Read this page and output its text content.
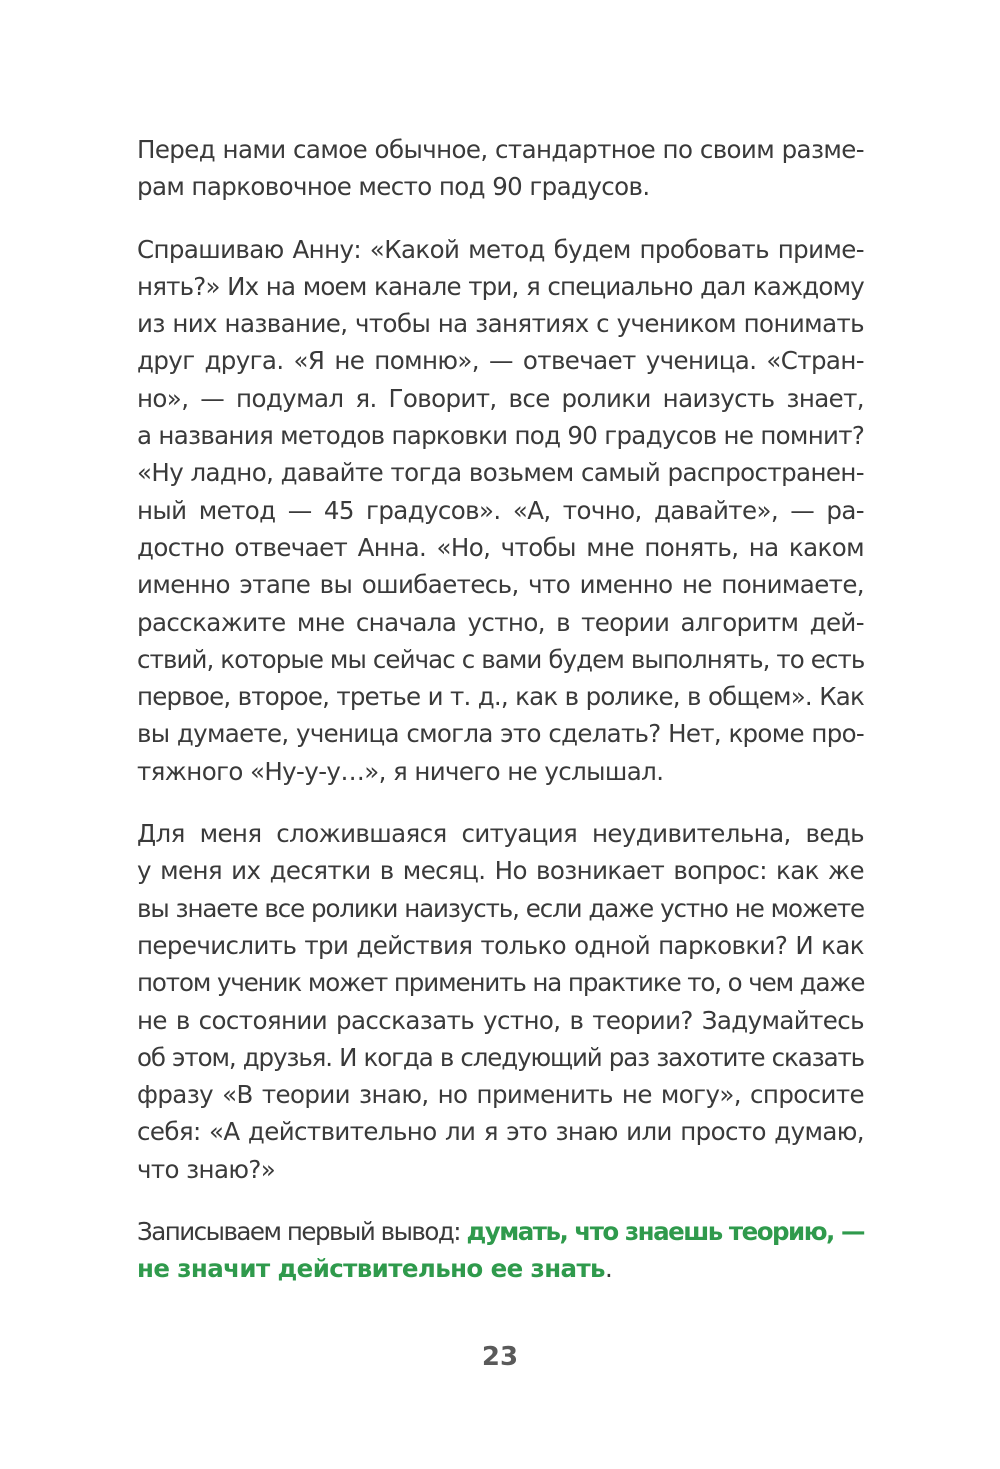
Перед нами самое обычное, стандартное по своим разме-
рам парковочное место под 90 градусов.
Спрашиваю Анну: «Какой метод будем пробовать приме-
нять?» Их на моем канале три, я специально дал каждому
из них название, чтобы на занятиях с учеником понимать
друг друга. «Я не помню», — отвечает ученица. «Стран-
но», — подумал я. Говорит, все ролики наизусть знает,
а названия методов парковки под 90 градусов не помнит?
«Ну ладно, давайте тогда возьмем самый распространен-
ный метод — 45 градусов». «А, точно, давайте», — ра-
достно отвечает Анна. «Но, чтобы мне понять, на каком
именно этапе вы ошибаетесь, что именно не понимаете,
расскажите мне сначала устно, в теории алгоритм дей-
ствий, которые мы сейчас с вами будем выполнять, то есть
первое, второе, третье и т. д., как в ролике, в общем». Как
вы думаете, ученица смогла это сделать? Нет, кроме про-
тяжного «Ну-у-у…», я ничего не услышал.
Для меня сложившаяся ситуация неудивительна, ведь
у меня их десятки в месяц. Но возникает вопрос: как же
вы знаете все ролики наизусть, если даже устно не можете
перечислить три действия только одной парковки? И как
потом ученик может применить на практике то, о чем даже
не в состоянии рассказать устно, в теории? Задумайтесь
об этом, друзья. И когда в следующий раз захотите сказать
фразу «В теории знаю, но применить не могу», спросите
себя: «А действительно ли я это знаю или просто думаю,
что знаю?»
Записываем первый вывод: думать, что знаешь теорию, —
не значит действительно ее знать.
23
